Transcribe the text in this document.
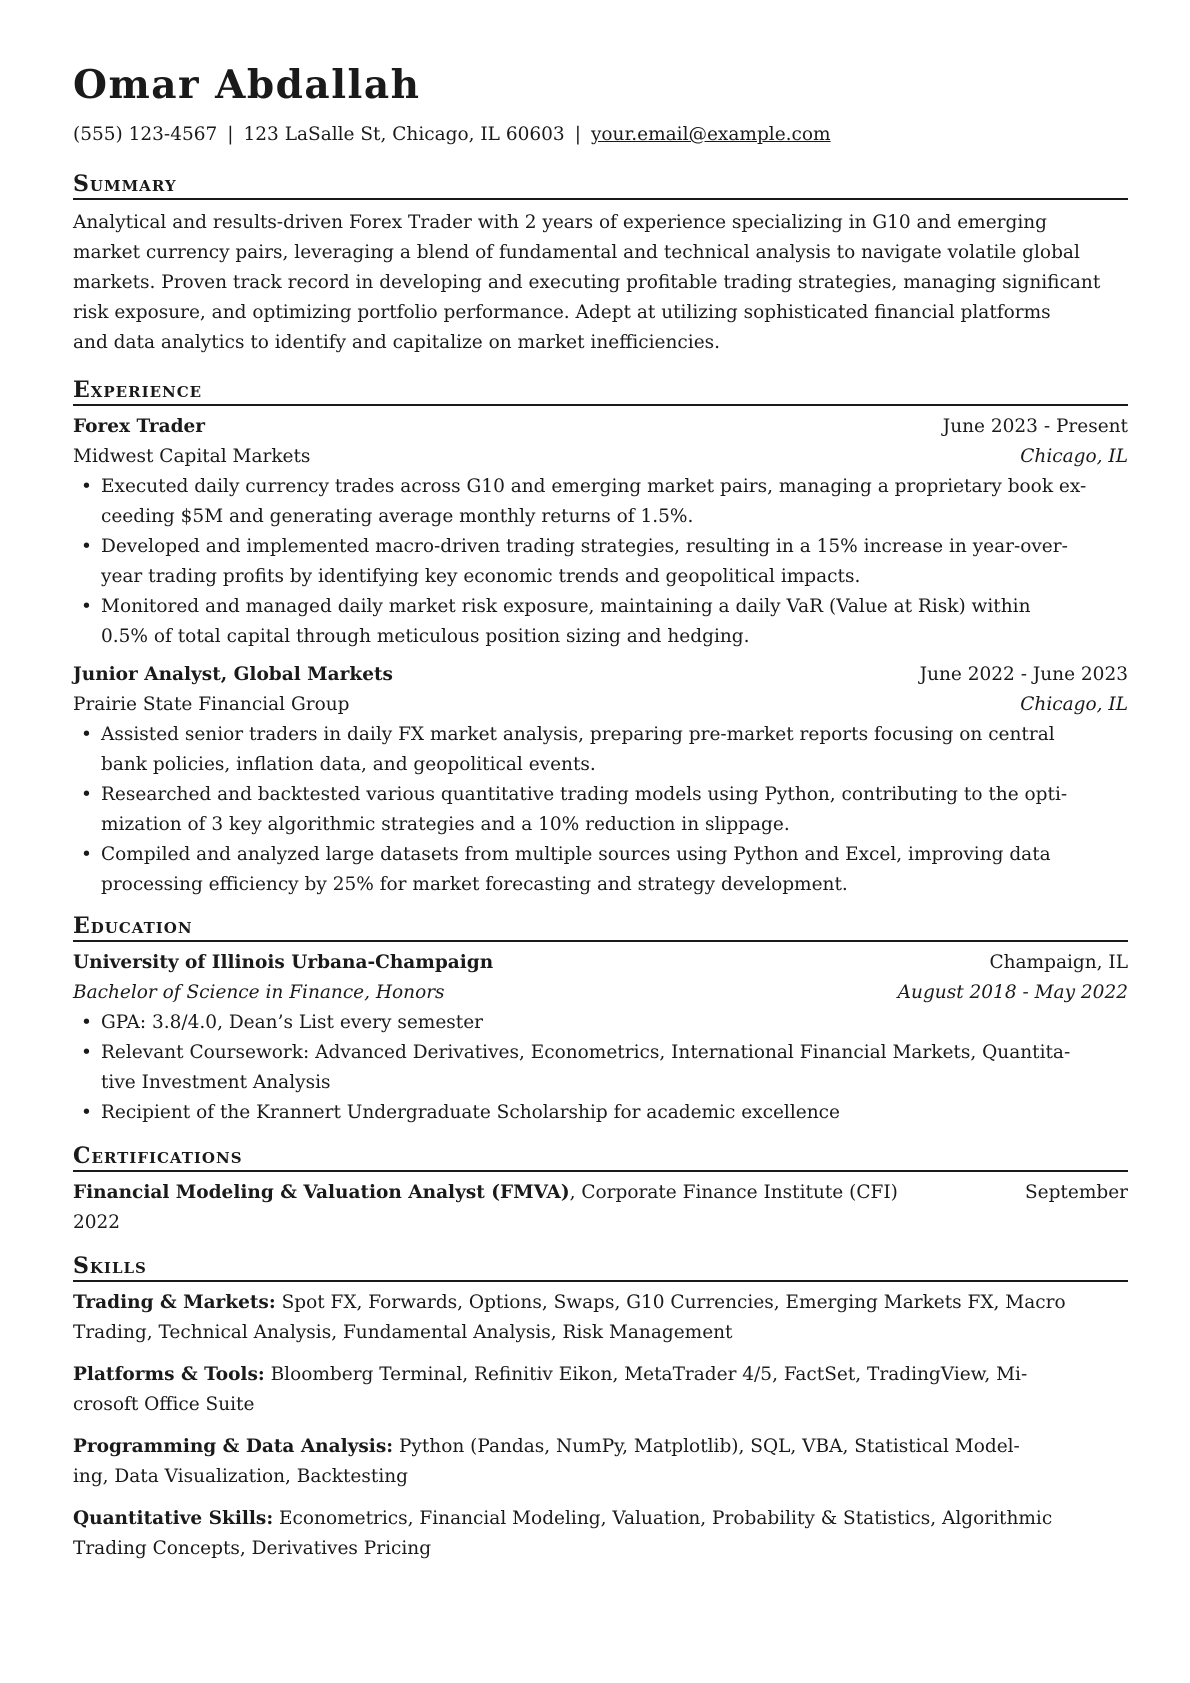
Omar Abdallah
(555) 123-4567 | 123 LaSalle St, Chicago, IL 60603 | your.email@example.com
Summary
Analytical and results-driven Forex Trader with 2 years of experience specializing in G10 and emerging
market currency pairs, leveraging a blend of fundamental and technical analysis to navigate volatile global
markets. Proven track record in developing and executing profitable trading strategies, managing significant
risk exposure, and optimizing portfolio performance. Adept at utilizing sophisticated financial platforms
and data analytics to identify and capitalize on market inefficiencies.
Experience
Forex Trader	June 2023 - Present
Midwest Capital Markets	Chicago, IL
• Executed daily currency trades across G10 and emerging market pairs, managing a proprietary book ex-
ceeding $5M and generating average monthly returns of 1.5%.
• Developed and implemented macro-driven trading strategies, resulting in a 15% increase in year-over-
year trading profits by identifying key economic trends and geopolitical impacts.
• Monitored and managed daily market risk exposure, maintaining a daily VaR (Value at Risk) within
0.5% of total capital through meticulous position sizing and hedging.
Junior Analyst, Global Markets	June 2022 - June 2023
Prairie State Financial Group	Chicago, IL
• Assisted senior traders in daily FX market analysis, preparing pre-market reports focusing on central
bank policies, inflation data, and geopolitical events.
• Researched and backtested various quantitative trading models using Python, contributing to the opti-
mization of 3 key algorithmic strategies and a 10% reduction in slippage.
• Compiled and analyzed large datasets from multiple sources using Python and Excel, improving data
processing efficiency by 25% for market forecasting and strategy development.
Education
University of Illinois Urbana-Champaign	Champaign, IL
Bachelor of Science in Finance, Honors	August 2018 - May 2022
• GPA: 3.8/4.0, Dean’s List every semester
• Relevant Coursework: Advanced Derivatives, Econometrics, International Financial Markets, Quantita-
tive Investment Analysis
• Recipient of the Krannert Undergraduate Scholarship for academic excellence
Certifications
Financial Modeling & Valuation Analyst (FMVA), Corporate Finance Institute (CFI)	September
2022
Skills
Trading & Markets: Spot FX, Forwards, Options, Swaps, G10 Currencies, Emerging Markets FX, Macro
Trading, Technical Analysis, Fundamental Analysis, Risk Management
Platforms & Tools: Bloomberg Terminal, Refinitiv Eikon, MetaTrader 4/5, FactSet, TradingView, Mi-
crosoft Office Suite
Programming & Data Analysis: Python (Pandas, NumPy, Matplotlib), SQL, VBA, Statistical Model-
ing, Data Visualization, Backtesting
Quantitative Skills: Econometrics, Financial Modeling, Valuation, Probability & Statistics, Algorithmic
Trading Concepts, Derivatives Pricing
